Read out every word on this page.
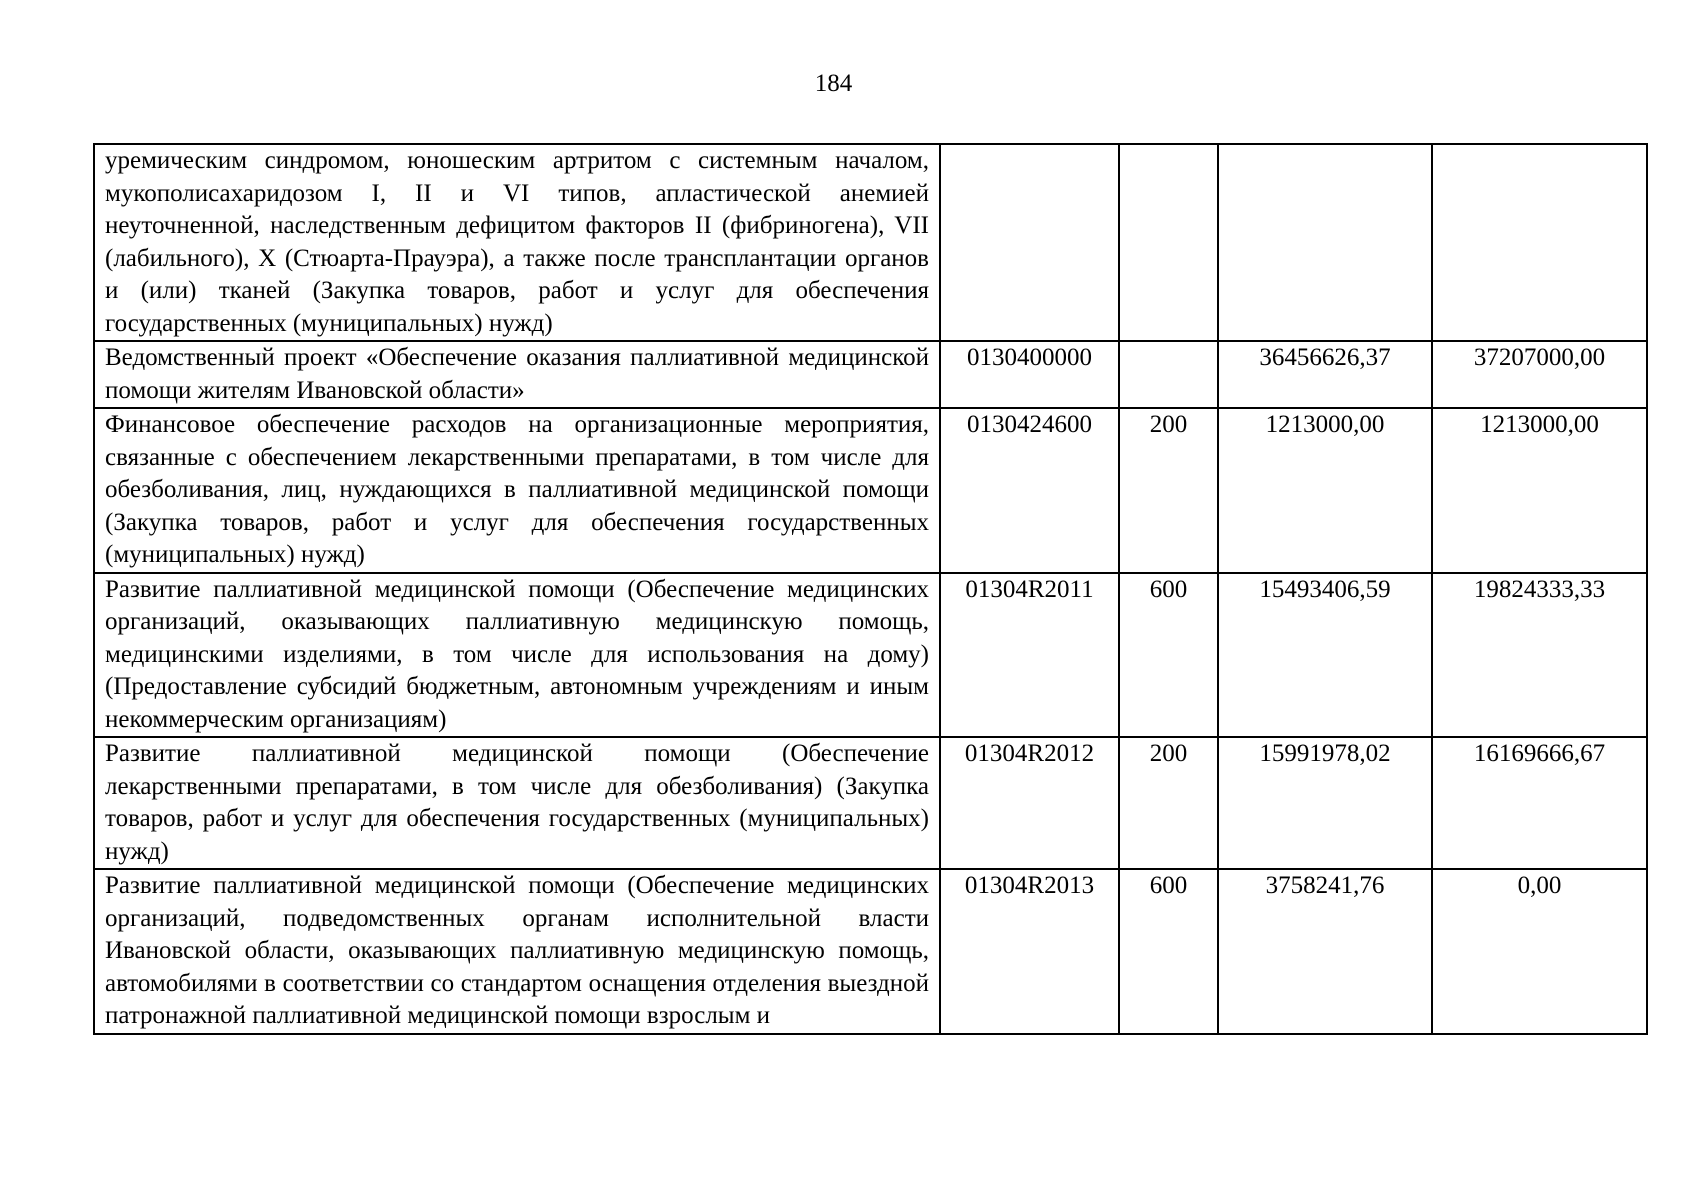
184
уремическим синдромом, юношеским артритом с системным началом, мукополисахаридозом I, II и VI типов, апластической анемией неуточненной, наследственным дефицитом факторов II (фибриногена), VII (лабильного), X (Стюарта-Прауэра), а также после трансплантации органов и (или) тканей (Закупка товаров, работ и услуг для обеспечения государственных (муниципальных) нужд)				
Ведомственный проект «Обеспечение оказания паллиативной медицинской помощи жителям Ивановской области»	0130400000		36456626,37	37207000,00
Финансовое обеспечение расходов на организационные мероприятия, связанные с обеспечением лекарственными препаратами, в том числе для обезболивания, лиц, нуждающихся в паллиативной медицинской помощи (Закупка товаров, работ и услуг для обеспечения государственных (муниципальных) нужд)	0130424600	200	1213000,00	1213000,00
Развитие паллиативной медицинской помощи (Обеспечение медицинских организаций, оказывающих паллиативную медицинскую помощь, медицинскими изделиями, в том числе для использования на дому) (Предоставление субсидий бюджетным, автономным учреждениям и иным некоммерческим организациям)	01304R2011	600	15493406,59	19824333,33
Развитие паллиативной медицинской помощи (Обеспечение лекарственными препаратами, в том числе для обезболивания) (Закупка товаров, работ и услуг для обеспечения государственных (муниципальных) нужд)	01304R2012	200	15991978,02	16169666,67
Развитие паллиативной медицинской помощи (Обеспечение медицинских организаций, подведомственных органам исполнительной власти Ивановской области, оказывающих паллиативную медицинскую помощь, автомобилями в соответствии со стандартом оснащения отделения выездной патронажной паллиативной медицинской помощи взрослым и	01304R2013	600	3758241,76	0,00
